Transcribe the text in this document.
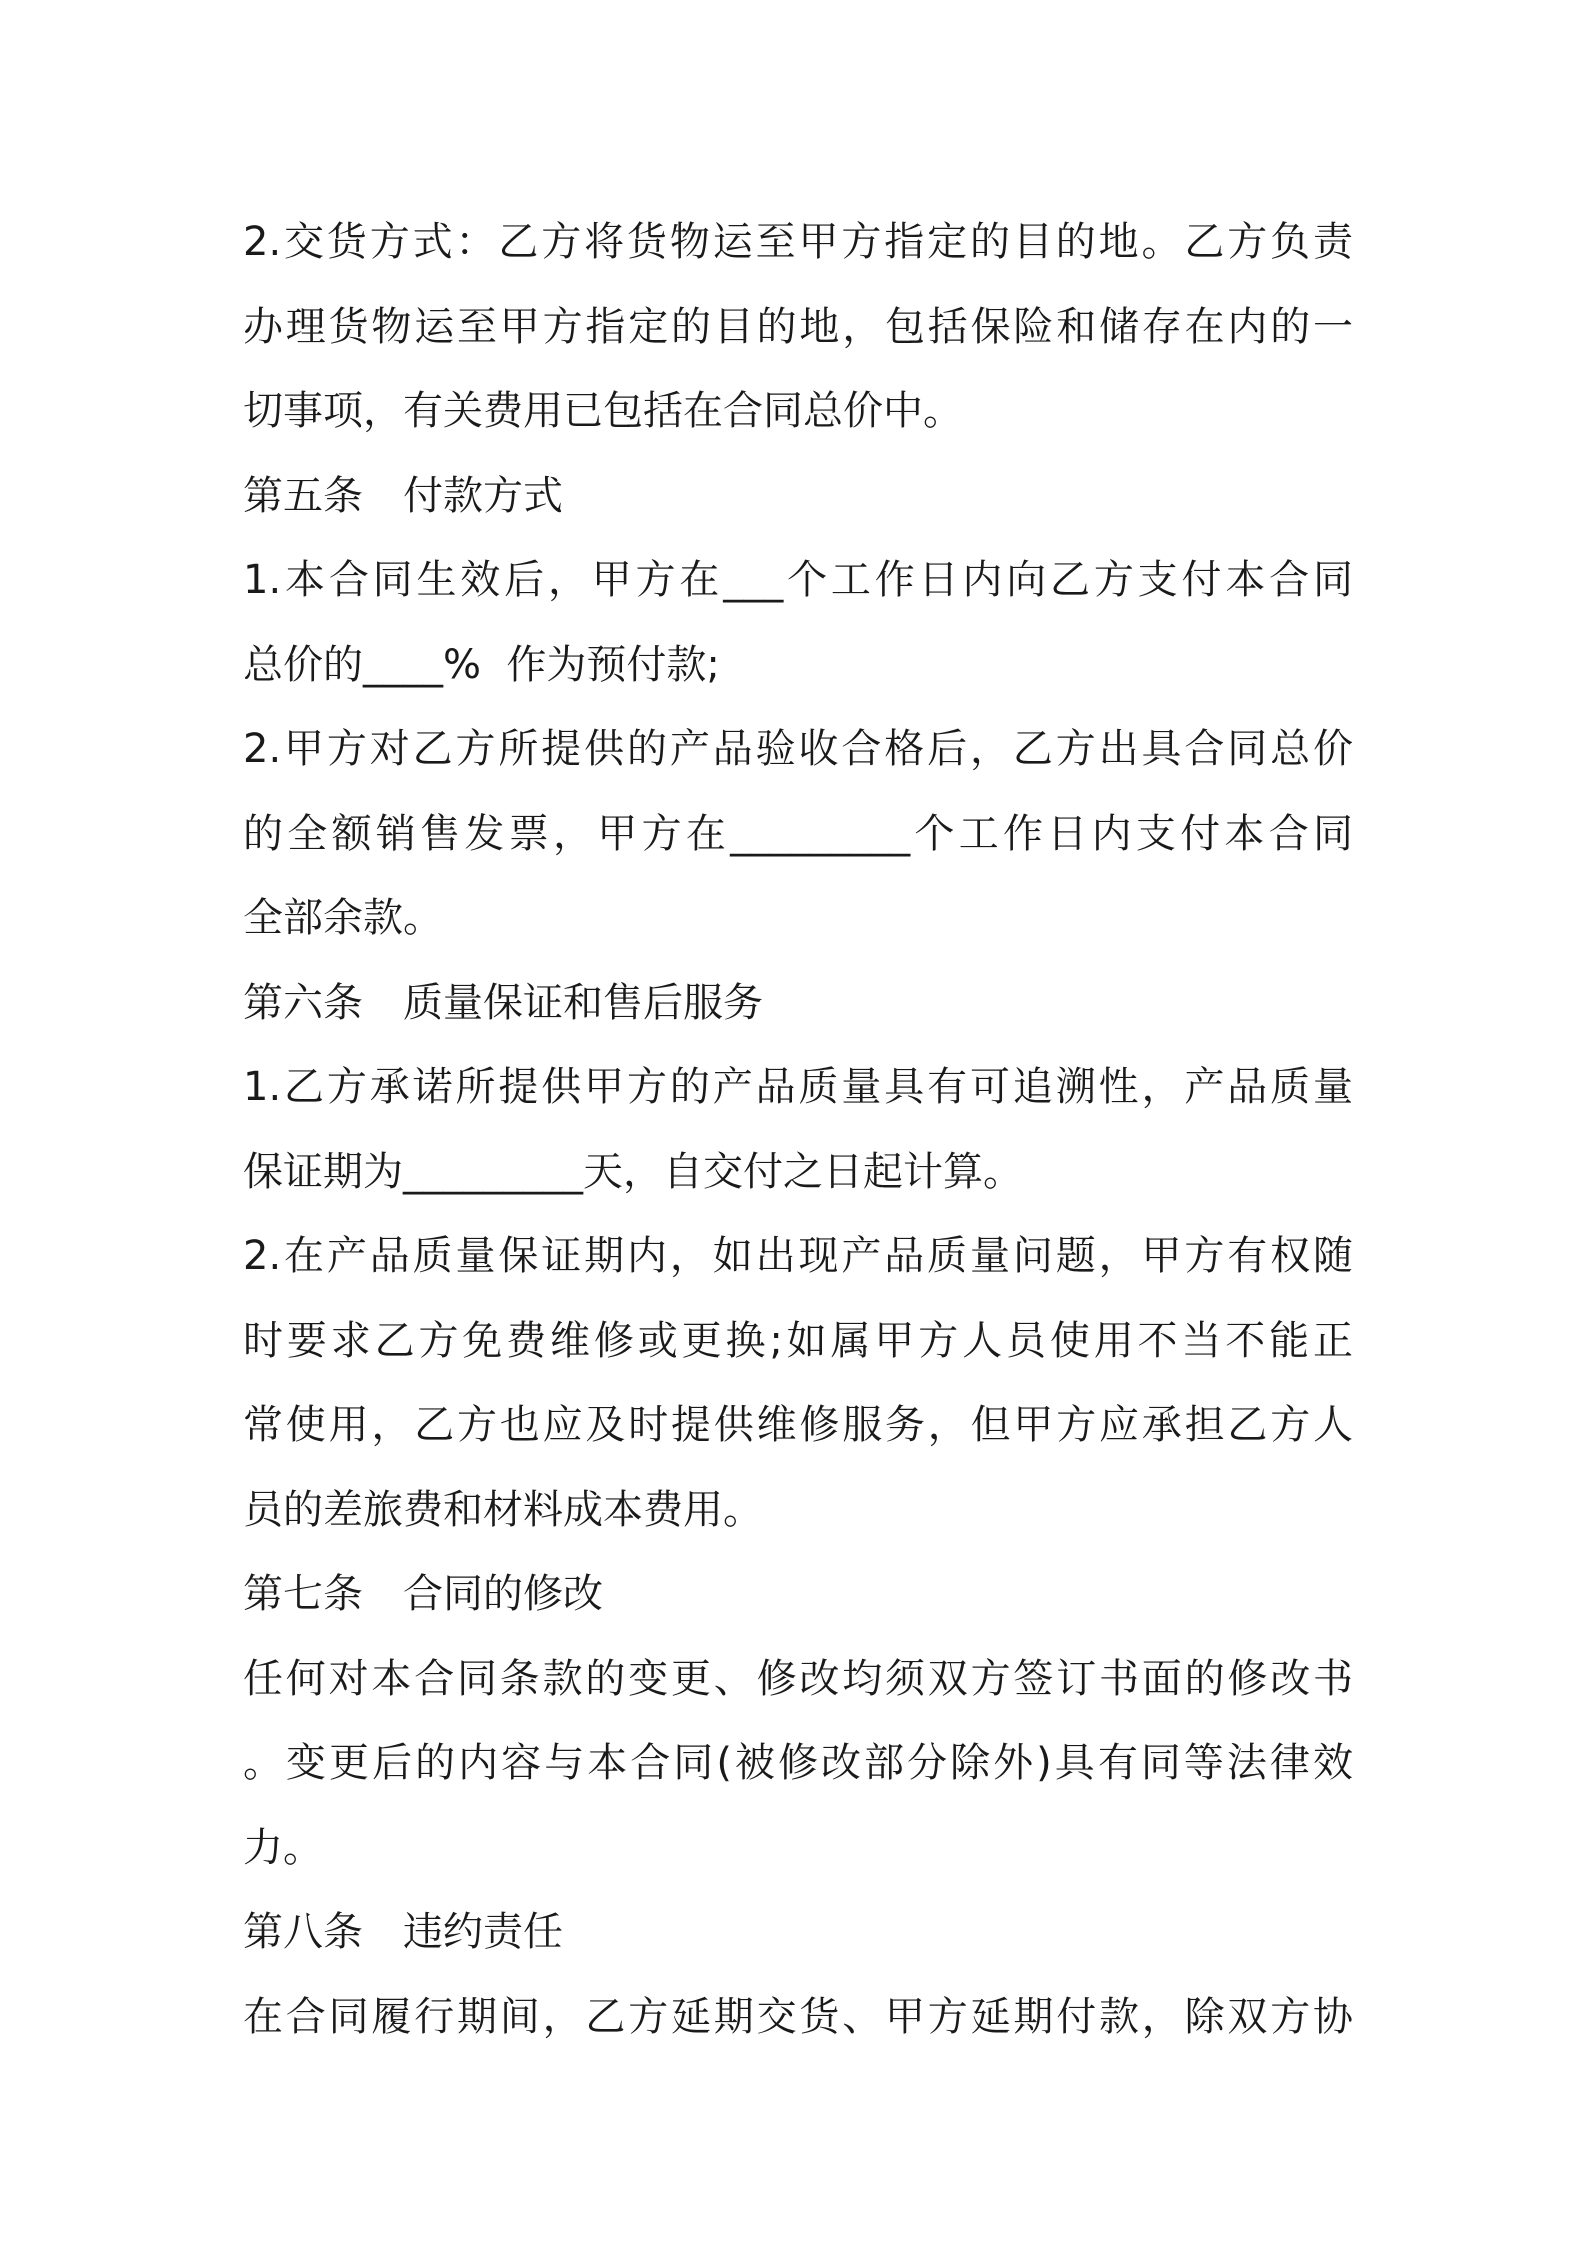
2.交货方式：乙方将货物运至甲方指定的目的地。乙方负责
办理货物运至甲方指定的目的地，包括保险和储存在内的一
切事项，有关费用已包括在合同总价中。
第五条　付款方式
1.本合同生效后，甲方在___个工作日内向乙方支付本合同
总价的____%  作为预付款;
2.甲方对乙方所提供的产品验收合格后，乙方出具合同总价
的全额销售发票，甲方在_________个工作日内支付本合同
全部余款。
第六条　质量保证和售后服务
1.乙方承诺所提供甲方的产品质量具有可追溯性，产品质量
保证期为_________天，自交付之日起计算。
2.在产品质量保证期内，如出现产品质量问题，甲方有权随
时要求乙方免费维修或更换;如属甲方人员使用不当不能正
常使用，乙方也应及时提供维修服务，但甲方应承担乙方人
员的差旅费和材料成本费用。
第七条　合同的修改
任何对本合同条款的变更、修改均须双方签订书面的修改书
。变更后的内容与本合同(被修改部分除外)具有同等法律效
力。
第八条　违约责任
在合同履行期间，乙方延期交货、甲方延期付款，除双方协
